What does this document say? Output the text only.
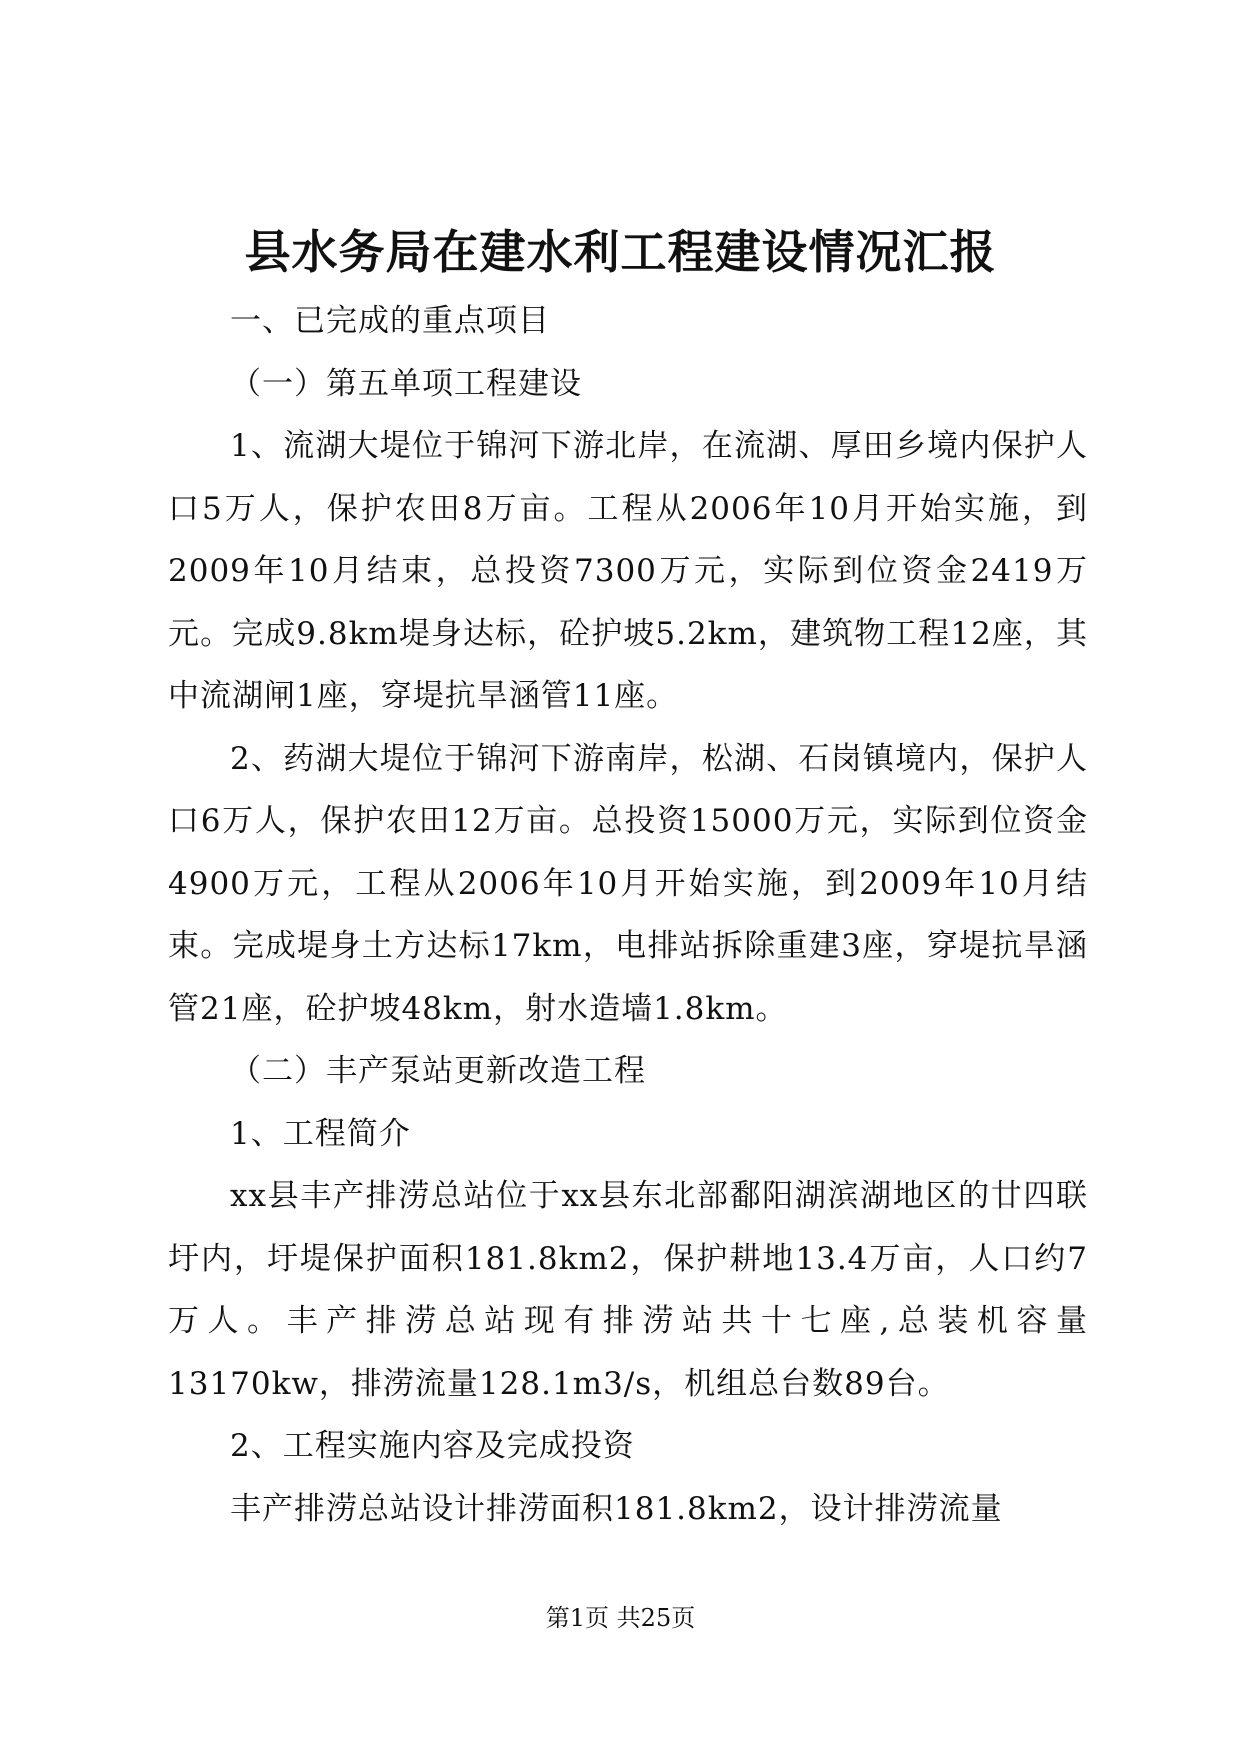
县水务局在建水利工程建设情况汇报

一、已完成的重点项目

（一）第五单项工程建设

1、流湖大堤位于锦河下游北岸，在流湖、厚田乡境内保护人口5万人，保护农田8万亩。工程从2006年10月开始实施，到2009年10月结束，总投资7300万元，实际到位资金2419万元。完成9.8km堤身达标，砼护坡5.2km，建筑物工程12座，其中流湖闸1座，穿堤抗旱涵管11座。

2、药湖大堤位于锦河下游南岸，松湖、石岗镇境内，保护人口6万人，保护农田12万亩。总投资15000万元，实际到位资金4900万元，工程从2006年10月开始实施，到2009年10月结束。完成堤身土方达标17km，电排站拆除重建3座，穿堤抗旱涵管21座，砼护坡48km，射水造墙1.8km。

（二）丰产泵站更新改造工程

1、工程简介

xx县丰产排涝总站位于xx县东北部鄱阳湖滨湖地区的廿四联圩内，圩堤保护面积181.8km2，保护耕地13.4万亩，人口约7万人。丰产排涝总站现有排涝站共十七座,总装机容量13170kw，排涝流量128.1m3/s，机组总台数89台。

2、工程实施内容及完成投资

丰产排涝总站设计排涝面积181.8km2，设计排涝流量

第1页 共25页
